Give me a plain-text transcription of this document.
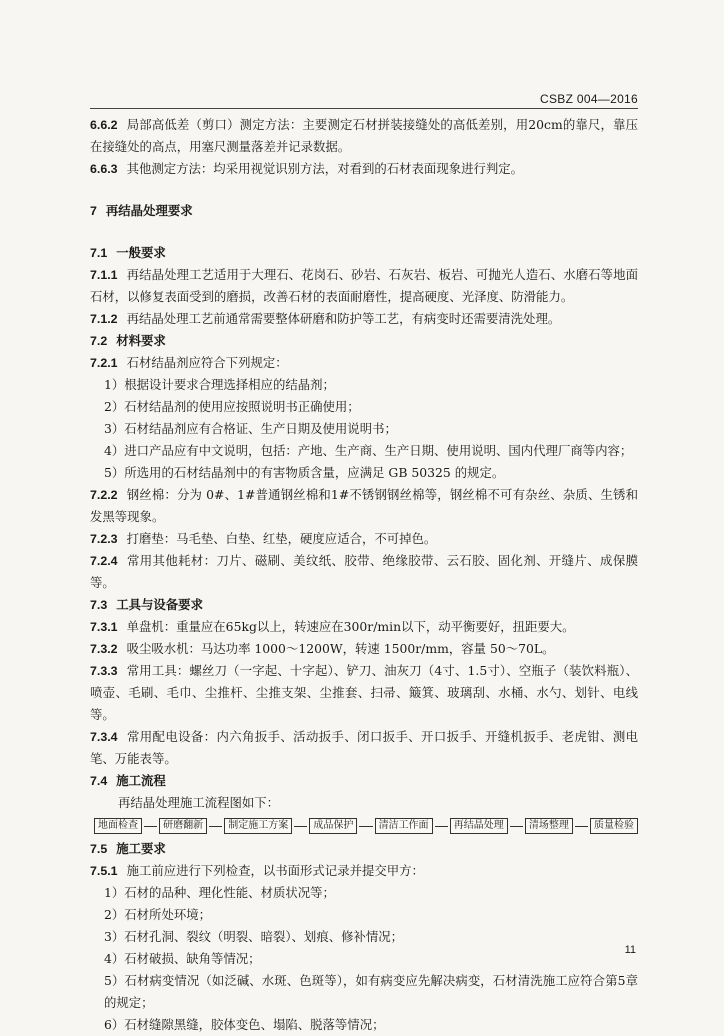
CSBZ 004—2016

6.6.2 局部高低差（剪口）测定方法：主要测定石材拼装接缝处的高低差别，用20cm的靠尺，靠压在接缝处的高点，用塞尺测量落差并记录数据。

6.6.3 其他测定方法：均采用视觉识别方法，对看到的石材表面现象进行判定。

7 再结晶处理要求

7.1 一般要求

7.1.1 再结晶处理工艺适用于大理石、花岗石、砂岩、石灰岩、板岩、可抛光人造石、水磨石等地面石材，以修复表面受到的磨损，改善石材的表面耐磨性，提高硬度、光泽度、防滑能力。

7.1.2 再结晶处理工艺前通常需要整体研磨和防护等工艺，有病变时还需要清洗处理。

7.2 材料要求

7.2.1 石材结晶剂应符合下列规定：

1）根据设计要求合理选择相应的结晶剂；

2）石材结晶剂的使用应按照说明书正确使用；

3）石材结晶剂应有合格证、生产日期及使用说明书；

4）进口产品应有中文说明，包括：产地、生产商、生产日期、使用说明、国内代理厂商等内容；

5）所选用的石材结晶剂中的有害物质含量，应满足 GB 50325 的规定。

7.2.2 钢丝棉：分为 0#、1#普通钢丝棉和1#不锈钢钢丝棉等，钢丝棉不可有杂丝、杂质、生锈和发黑等现象。

7.2.3 打磨垫：马毛垫、白垫、红垫，硬度应适合，不可掉色。

7.2.4 常用其他耗材：刀片、磁刷、美纹纸、胶带、绝缘胶带、云石胶、固化剂、开缝片、成保膜等。

7.3 工具与设备要求

7.3.1 单盘机：重量应在65kg以上，转速应在300r/min以下，动平衡要好，扭距要大。

7.3.2 吸尘吸水机：马达功率 1000～1200W，转速 1500r/mm，容量 50～70L。

7.3.3 常用工具：螺丝刀（一字起、十字起）、铲刀、油灰刀（4寸、1.5寸）、空瓶子（装饮料瓶）、喷壶、毛刷、毛巾、尘推杆、尘推支架、尘推套、扫帚、簸箕、玻璃刮、水桶、水勺、划针、电线等。

7.3.4 常用配电设备：内六角扳手、活动扳手、闭口扳手、开口扳手、开缝机扳手、老虎钳、测电笔、万能表等。

7.4 施工流程

再结晶处理施工流程图如下：

地面检查	研磨翻新	制定施工方案	成品保护	清洁工作面	再结晶处理	清场整理	质量检验

7.5 施工要求

7.5.1 施工前应进行下列检查，以书面形式记录并提交甲方：

1）石材的品种、理化性能、材质状况等；

2）石材所处环境；

3）石材孔洞、裂纹（明裂、暗裂）、划痕、修补情况；

4）石材破损、缺角等情况；

5）石材病变情况（如泛碱、水斑、色斑等），如有病变应先解决病变，石材清洗施工应符合第5章的规定；

6）石材缝隙黑缝，胶体变色、塌陷、脱落等情况；

11
